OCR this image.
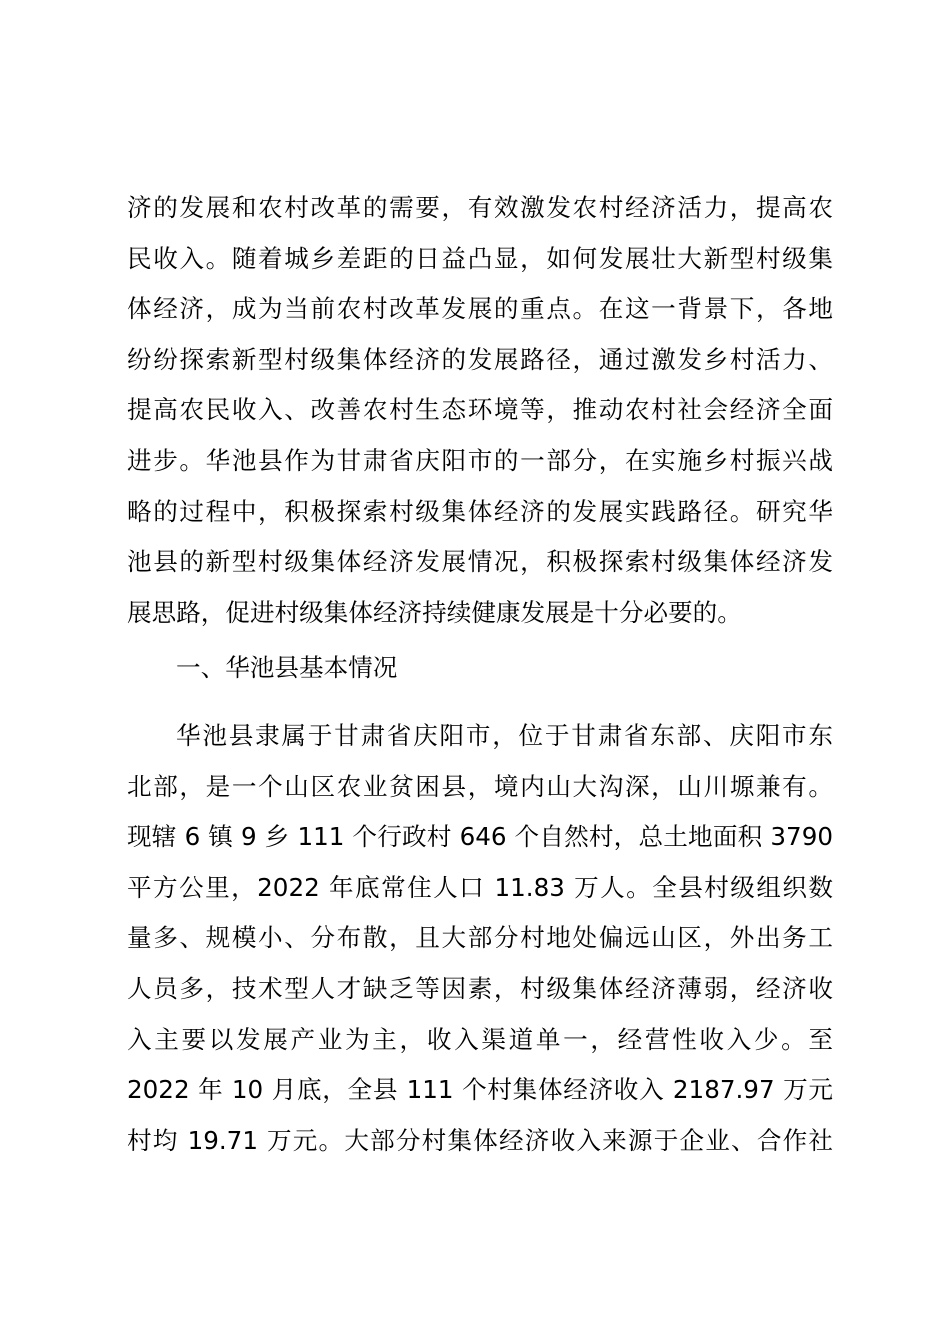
济的发展和农村改革的需要，有效激发农村经济活力，提高农
民收入。随着城乡差距的日益凸显，如何发展壮大新型村级集
体经济，成为当前农村改革发展的重点。在这一背景下，各地
纷纷探索新型村级集体经济的发展路径，通过激发乡村活力、
提高农民收入、改善农村生态环境等，推动农村社会经济全面
进步。华池县作为甘肃省庆阳市的一部分，在实施乡村振兴战
略的过程中，积极探索村级集体经济的发展实践路径。研究华
池县的新型村级集体经济发展情况，积极探索村级集体经济发
展思路，促进村级集体经济持续健康发展是十分必要的。
一、华池县基本情况
华池县隶属于甘肃省庆阳市，位于甘肃省东部、庆阳市东
北部，是一个山区农业贫困县，境内山大沟深，山川塬兼有。
现辖 6 镇 9 乡 111 个行政村 646 个自然村，总土地面积 3790
平方公里，2022 年底常住人口 11.83 万人。全县村级组织数
量多、规模小、分布散，且大部分村地处偏远山区，外出务工
人员多，技术型人才缺乏等因素，村级集体经济薄弱，经济收
入主要以发展产业为主，收入渠道单一，经营性收入少。至
2022 年 10 月底，全县 111 个村集体经济收入 2187.97 万元
村均 19.71 万元。大部分村集体经济收入来源于企业、合作社
